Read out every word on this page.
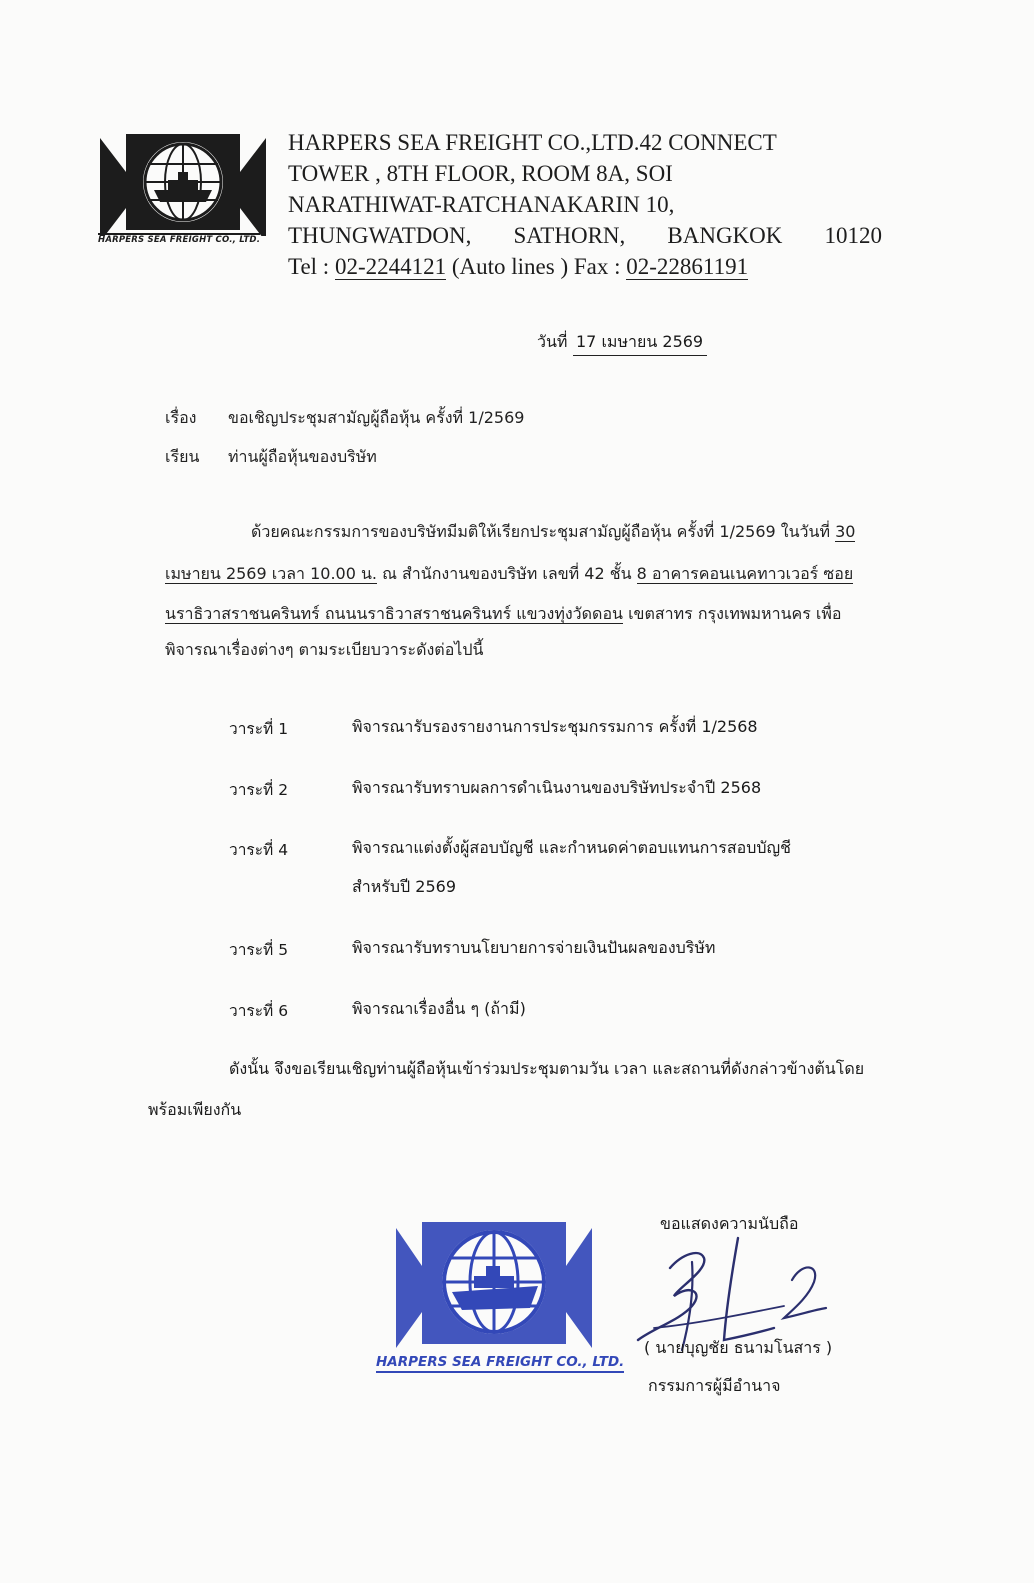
HARPERS SEA FREIGHT CO., LTD.
HARPERS SEA FREIGHT CO.,LTD.42 CONNECT
TOWER , 8TH FLOOR, ROOM 8A, SOI
NARATHIWAT-RATCHANAKARIN 10,
THUNGWATDON, SATHORN, BANGKOK 10120
Tel : 02-2244121 (Auto lines ) Fax : 02-22861191
วันที่ 17 เมษายน 2569
เรื่อง ขอเชิญประชุมสามัญผู้ถือหุ้น ครั้งที่ 1/2569
เรียน ท่านผู้ถือหุ้นของบริษัท
ด้วยคณะกรรมการของบริษัทมีมติให้เรียกประชุมสามัญผู้ถือหุ้น ครั้งที่ 1/2569 ในวันที่ 30
เมษายน 2569 เวลา 10.00 น. ณ สำนักงานของบริษัท เลขที่ 42 ชั้น 8 อาคารคอนเนคทาวเวอร์ ซอย
นราธิวาสราชนครินทร์ ถนนนราธิวาสราชนครินทร์ แขวงทุ่งวัดดอน เขตสาทร กรุงเทพมหานคร เพื่อ
พิจารณาเรื่องต่างๆ ตามระเบียบวาระดังต่อไปนี้
วาระที่ 1	พิจารณารับรองรายงานการประชุมกรรมการ ครั้งที่ 1/2568
วาระที่ 2	พิจารณารับทราบผลการดำเนินงานของบริษัทประจำปี 2568
วาระที่ 4	พิจารณาแต่งตั้งผู้สอบบัญชี และกำหนดค่าตอบแทนการสอบบัญชี
สำหรับปี 2569
วาระที่ 5	พิจารณารับทราบนโยบายการจ่ายเงินปันผลของบริษัท
วาระที่ 6	พิจารณาเรื่องอื่น ๆ (ถ้ามี)
ดังนั้น จึงขอเรียนเชิญท่านผู้ถือหุ้นเข้าร่วมประชุมตามวัน เวลา และสถานที่ดังกล่าวข้างต้นโดย
พร้อมเพียงกัน
HARPERS SEA FREIGHT CO., LTD.
ขอแสดงความนับถือ
( นายบุญชัย ธนามโนสาร )
กรรมการผู้มีอำนาจ
